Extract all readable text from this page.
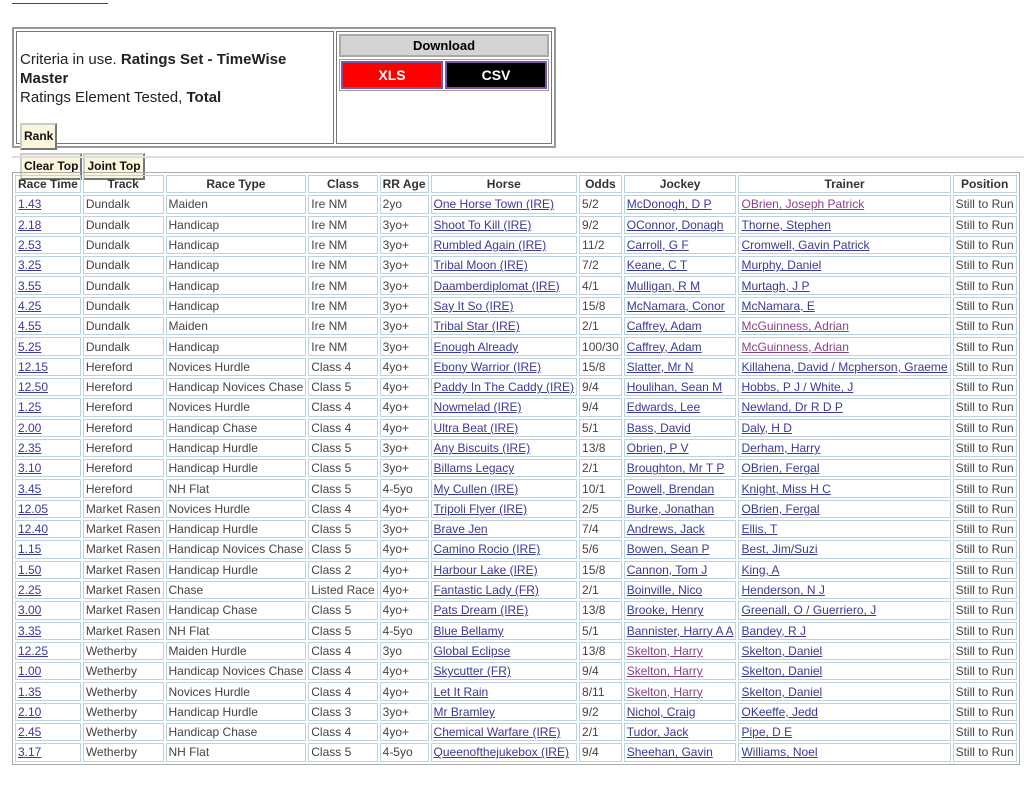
Criteria in use. Ratings Set - TimeWise Master
Ratings Element Tested, Total
Rank
Clear Top Joint Top
Download
XLS	CSV
Race Time	Track	Race Type	Class	RR Age	Horse	Odds	Jockey	Trainer	Position
1.43	Dundalk	Maiden	Ire NM	2yo	One Horse Town (IRE)	5/2	McDonogh, D P	OBrien, Joseph Patrick	Still to Run
2.18	Dundalk	Handicap	Ire NM	3yo+	Shoot To Kill (IRE)	9/2	OConnor, Donagh	Thorne, Stephen	Still to Run
2.53	Dundalk	Handicap	Ire NM	3yo+	Rumbled Again (IRE)	11/2	Carroll, G F	Cromwell, Gavin Patrick	Still to Run
3.25	Dundalk	Handicap	Ire NM	3yo+	Tribal Moon (IRE)	7/2	Keane, C T	Murphy, Daniel	Still to Run
3.55	Dundalk	Handicap	Ire NM	3yo+	Daamberdiplomat (IRE)	4/1	Mulligan, R M	Murtagh, J P	Still to Run
4.25	Dundalk	Handicap	Ire NM	3yo+	Say It So (IRE)	15/8	McNamara, Conor	McNamara, E	Still to Run
4.55	Dundalk	Maiden	Ire NM	3yo+	Tribal Star (IRE)	2/1	Caffrey, Adam	McGuinness, Adrian	Still to Run
5.25	Dundalk	Handicap	Ire NM	3yo+	Enough Already	100/30	Caffrey, Adam	McGuinness, Adrian	Still to Run
12.15	Hereford	Novices Hurdle	Class 4	4yo+	Ebony Warrior (IRE)	15/8	Slatter, Mr N	Killahena, David / Mcpherson, Graeme	Still to Run
12.50	Hereford	Handicap Novices Chase	Class 5	4yo+	Paddy In The Caddy (IRE)	9/4	Houlihan, Sean M	Hobbs, P J / White, J	Still to Run
1.25	Hereford	Novices Hurdle	Class 4	4yo+	Nowmelad (IRE)	9/4	Edwards, Lee	Newland, Dr R D P	Still to Run
2.00	Hereford	Handicap Chase	Class 4	4yo+	Ultra Beat (IRE)	5/1	Bass, David	Daly, H D	Still to Run
2.35	Hereford	Handicap Hurdle	Class 5	3yo+	Any Biscuits (IRE)	13/8	Obrien, P V	Derham, Harry	Still to Run
3.10	Hereford	Handicap Hurdle	Class 5	3yo+	Billams Legacy	2/1	Broughton, Mr T P	OBrien, Fergal	Still to Run
3.45	Hereford	NH Flat	Class 5	4-5yo	My Cullen (IRE)	10/1	Powell, Brendan	Knight, Miss H C	Still to Run
12.05	Market Rasen	Novices Hurdle	Class 4	4yo+	Tripoli Flyer (IRE)	2/5	Burke, Jonathan	OBrien, Fergal	Still to Run
12.40	Market Rasen	Handicap Hurdle	Class 5	3yo+	Brave Jen	7/4	Andrews, Jack	Ellis, T	Still to Run
1.15	Market Rasen	Handicap Novices Chase	Class 5	4yo+	Camino Rocio (IRE)	5/6	Bowen, Sean P	Best, Jim/Suzi	Still to Run
1.50	Market Rasen	Handicap Hurdle	Class 2	4yo+	Harbour Lake (IRE)	15/8	Cannon, Tom J	King, A	Still to Run
2.25	Market Rasen	Chase	Listed Race	4yo+	Fantastic Lady (FR)	2/1	Boinville, Nico	Henderson, N J	Still to Run
3.00	Market Rasen	Handicap Chase	Class 5	4yo+	Pats Dream (IRE)	13/8	Brooke, Henry	Greenall, O / Guerriero, J	Still to Run
3.35	Market Rasen	NH Flat	Class 5	4-5yo	Blue Bellamy	5/1	Bannister, Harry A A	Bandey, R J	Still to Run
12.25	Wetherby	Maiden Hurdle	Class 4	3yo	Global Eclipse	13/8	Skelton, Harry	Skelton, Daniel	Still to Run
1.00	Wetherby	Handicap Novices Chase	Class 4	4yo+	Skycutter (FR)	9/4	Skelton, Harry	Skelton, Daniel	Still to Run
1.35	Wetherby	Novices Hurdle	Class 4	4yo+	Let It Rain	8/11	Skelton, Harry	Skelton, Daniel	Still to Run
2.10	Wetherby	Handicap Hurdle	Class 3	3yo+	Mr Bramley	9/2	Nichol, Craig	OKeeffe, Jedd	Still to Run
2.45	Wetherby	Handicap Chase	Class 4	4yo+	Chemical Warfare (IRE)	2/1	Tudor, Jack	Pipe, D E	Still to Run
3.17	Wetherby	NH Flat	Class 5	4-5yo	Queenofthejukebox (IRE)	9/4	Sheehan, Gavin	Williams, Noel	Still to Run
